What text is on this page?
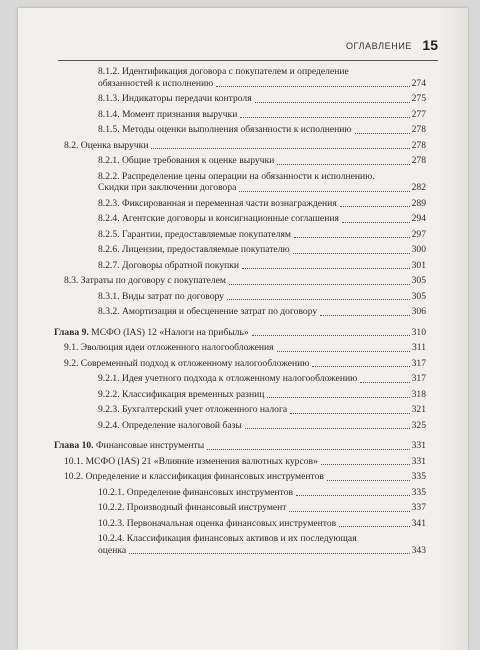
ОГЛАВЛЕНИЕ 15
8.1.2. Идентификация договора с покупателем и определение
обязанностей к исполнению	274
8.1.3. Индикаторы передачи контроля	275
8.1.4. Момент признания выручки	277
8.1.5. Методы оценки выполнения обязанности к исполнению	278
8.2. Оценка выручки	278
8.2.1. Общие требования к оценке выручки	278
8.2.2. Распределение цены операции на обязанности к исполнению.
Скидки при заключении договора	282
8.2.3. Фиксированная и переменная части вознаграждения	289
8.2.4. Агентские договоры и консигнационные соглашения	294
8.2.5. Гарантии, предоставляемые покупателям	297
8.2.6. Лицензии, предоставляемые покупателю	300
8.2.7. Договоры обратной покупки	301
8.3. Затраты по договору с покупателем	305
8.3.1. Виды затрат по договору	305
8.3.2. Амортизация и обесценение затрат по договору	306
Глава 9. МСФО (IAS) 12 «Налоги на прибыль»	310
9.1. Эволюция идеи отложенного налогообложения	311
9.2. Современный подход к отложенному налогообложению	317
9.2.1. Идея учетного подхода к отложенному налогообложению	317
9.2.2. Классификация временных разниц	318
9.2.3. Бухгалтерский учет отложенного налога	321
9.2.4. Определение налоговой базы	325
Глава 10. Финансовые инструменты	331
10.1. МСФО (IAS) 21 «Влияние изменения валютных курсов»	331
10.2. Определение и классификация финансовых инструментов	335
10.2.1. Определение финансовых инструментов	335
10.2.2. Производный финансовый инструмент	337
10.2.3. Первоначальная оценка финансовых инструментов	341
10.2.4. Классификация финансовых активов и их последующая
оценка	343
